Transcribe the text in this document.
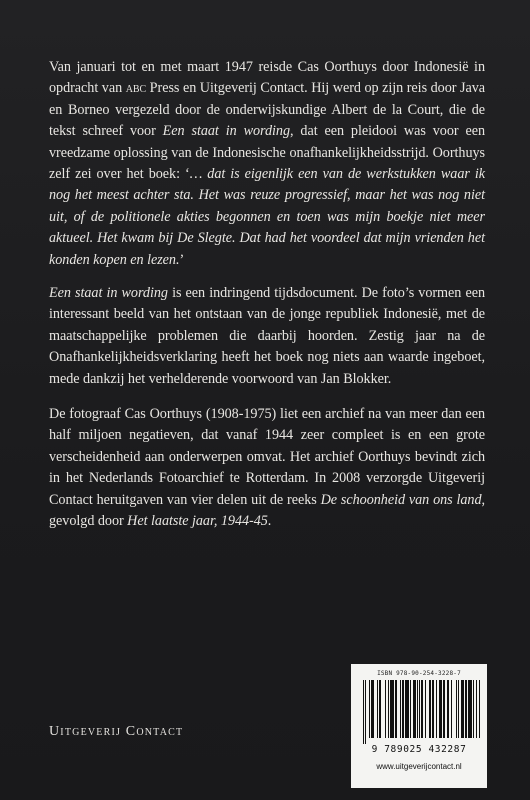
Van januari tot en met maart 1947 reisde Cas Oorthuys door Indonesië in opdracht van abc Press en Uitgeverij Contact. Hij werd op zijn reis door Java en Borneo vergezeld door de onderwijskundige Albert de la Court, die de tekst schreef voor Een staat in wording, dat een pleidooi was voor een vreedzame oplossing van de Indonesische onafhankelijkheidsstrijd. Oorthuys zelf zei over het boek: ‘… dat is eigenlijk een van de werkstukken waar ik nog het meest achter sta. Het was reuze progressief, maar het was nog niet uit, of de politionele akties begonnen en toen was mijn boekje niet meer aktueel. Het kwam bij De Slegte. Dat had het voordeel dat mijn vrienden het konden kopen en lezen.’
Een staat in wording is een indringend tijdsdocument. De foto’s vormen een interessant beeld van het ontstaan van de jonge republiek Indonesië, met de maatschappelijke problemen die daarbij hoorden. Zestig jaar na de Onafhankelijkheidsverklaring heeft het boek nog niets aan waarde ingeboet, mede dankzij het verhelderende voorwoord van Jan Blokker.
De fotograaf Cas Oorthuys (1908-1975) liet een archief na van meer dan een half miljoen negatieven, dat vanaf 1944 zeer compleet is en een grote verscheidenheid aan onderwerpen omvat. Het archief Oorthuys bevindt zich in het Nederlands Fotoarchief te Rotterdam. In 2008 verzorgde Uitgeverij Contact heruitgaven van vier delen uit de reeks De schoonheid van ons land, gevolgd door Het laatste jaar, 1944-45.
Uitgeverij Contact
ISBN 978-90-254-3228-7
9 789025 432287
www.uitgeverijcontact.nl
